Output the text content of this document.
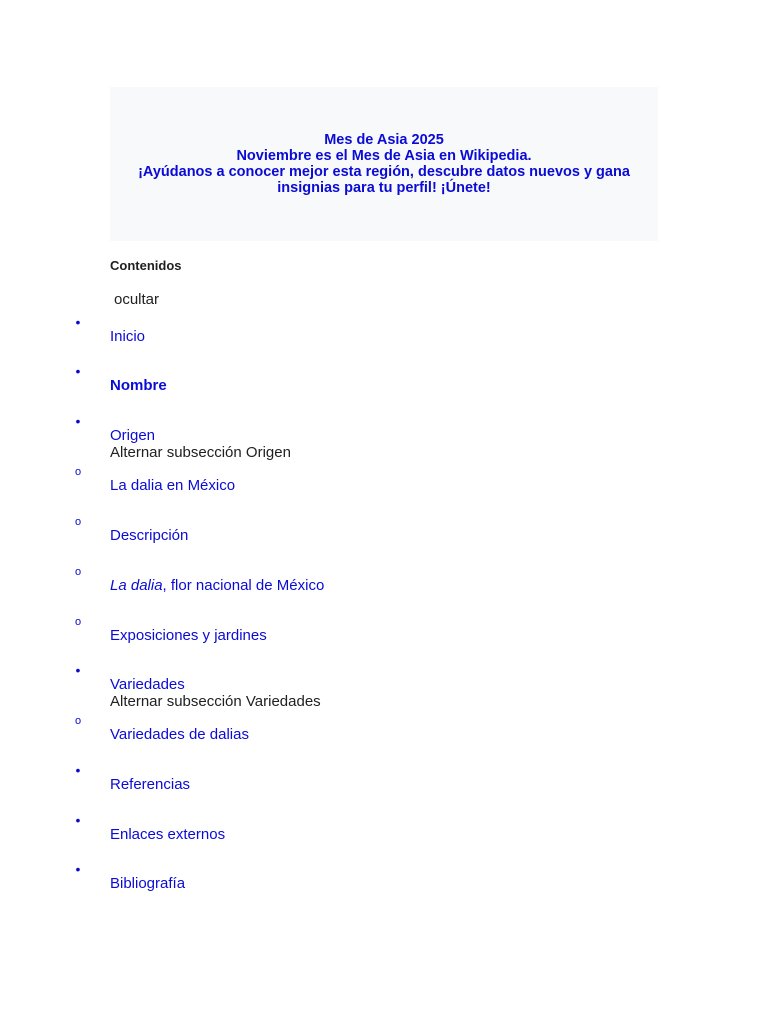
Mes de Asia 2025
Noviembre es el Mes de Asia en Wikipedia.
¡Ayúdanos a conocer mejor esta región, descubre datos nuevos y gana insignias para tu perfil! ¡Únete!
Contenidos
ocultar
•
Inicio
•
Nombre
•
Origen
Alternar subsección Origen
o
La dalia en México
o
Descripción
o
La dalia, flor nacional de México
o
Exposiciones y jardines
•
Variedades
Alternar subsección Variedades
o
Variedades de dalias
•
Referencias
•
Enlaces externos
•
Bibliografía
